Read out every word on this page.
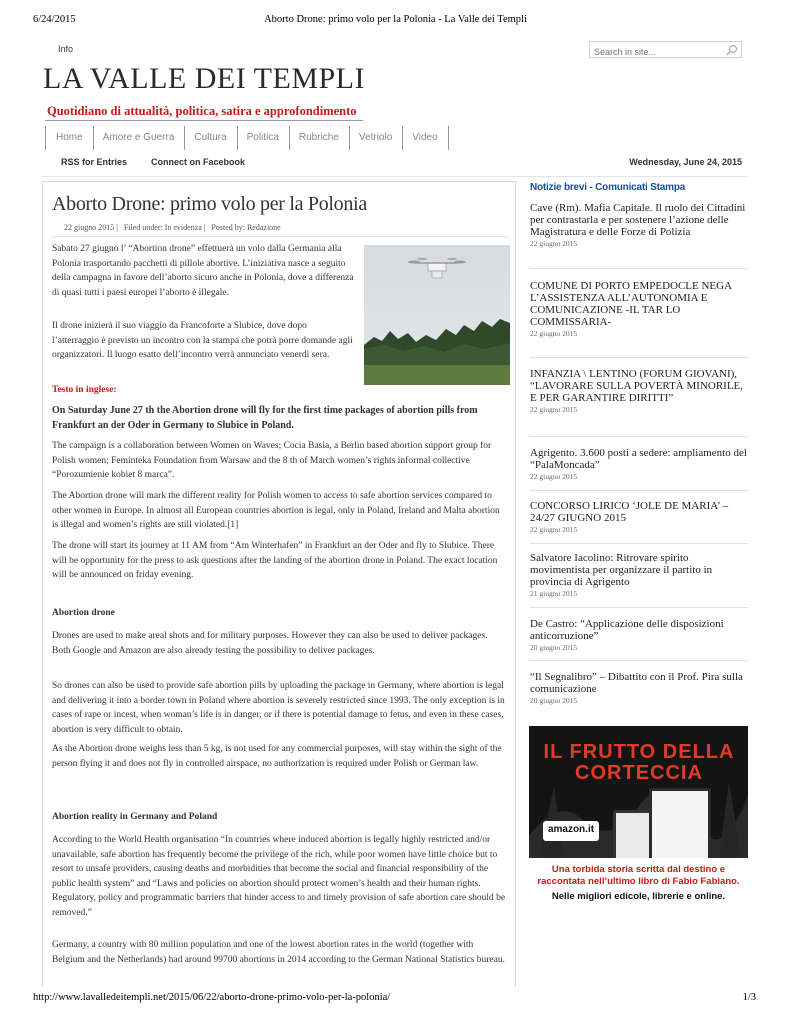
6/24/2015	Aborto Drone: primo volo per la Polonia - La Valle dei Templi
Info
Search in site...
LA VALLE DEI TEMPLI
Quotidiano di attualità, politica, satira e approfondimento
Home	Amore e Guerra	Cultura	Politica	Rubriche	Vetriolo	Video
RSS for Entries	Connect on Facebook	Wednesday, June 24, 2015
Aborto Drone: primo volo per la Polonia
22 giugno 2015 | Filed under: In evidenza | Posted by: Redazione

Sabato 27 giugno l’ “Abortion drone” effettuerà un volo dalla Germania alla Polonia trasportando pacchetti di pillole abortive. L’iniziativa nasce a seguito della campagna in favore dell’aborto sicuro anche in Polonia, dove a differenza di quasi tutti i paesi europei l’aborto è illegale.

Il drone inizierà il suo viaggio da Francoforte a Slubice, dove dopo l’atterraggio è previsto un incontro con la stampa che potrà porre domande agli organizzatori. Il luogo esatto dell’incontro verrà annunciato venerdì sera.

Testo in inglese:

On Saturday June 27 th the Abortion drone will fly for the first time packages of abortion pills from Frankfurt an der Oder in Germany to Slubice in Poland.

The campaign is a collaboration between Women on Waves; Cocia Basia, a Berlin based abortion support group for Polish women; Feminteka Foundation from Warsaw and the 8 th of March women’s rights informal collective “Porozumienie kobiet 8 marca”.

The Abortion drone will mark the different reality for Polish women to access to safe abortion services compared to other women in Europe. In almost all European countries abortion is legal, only in Poland, Ireland and Malta abortion is illegal and women’s rights are still violated.[1]

The drone will start its journey at 11 AM from “Am Winterhafen” in Frankfurt an der Oder and fly to Slubice. There will be opportunity for the press to ask questions after the landing of the abortion drone in Poland. The exact location will be announced on friday evening.

Abortion drone

Drones are used to make areal shots and for military purposes. However they can also be used to deliver packages. Both Google and Amazon are also already testing the possibility to deliver packages.

So drones can also be used to provide safe abortion pills by uploading the package in Germany, where abortion is legal and delivering it into a border town in Poland where abortion is severely restricted since 1993. The only exception is in cases of rape or incest, when woman’s life is in danger, or if there is potential damage to fetus, and even in these cases, abortion is very difficult to obtain.

As the Abortion drone weighs less than 5 kg, is not used for any commercial purposes, will stay within the sight of the person flying it and does not fly in controlled airspace, no authorization is required under Polish or German law.

Abortion reality in Germany and Poland

According to the World Health organisation “In countries where induced abortion is legally highly restricted and/or unavailable, safe abortion has frequently become the privilege of the rich, while poor women have little choice but to resort to unsafe providers, causing deaths and morbidities that become the social and financial responsibility of the public health system” and “Laws and policies on abortion should protect women’s health and their human rights. Regulatory, policy and programmatic barriers that hinder access to and timely provision of safe abortion care should be removed.”

Germany, a country with 80 million population and one of the lowest abortion rates in the world (together with Belgium and the Netherlands) had around 99700 abortions in 2014 according to the German National Statistics bureau.

Notizie brevi - Comunicati Stampa
Cave (Rm). Mafia Capitale. Il ruolo dei Cittadini per contrastarla e per sostenere l’azione delle Magistratura e delle Forze di Polizia
22 giugno 2015
COMUNE DI PORTO EMPEDOCLE NEGA L’ASSISTENZA ALL’AUTONOMIA E COMUNICAZIONE -IL TAR LO COMMISSARIA-
22 giugno 2015
INFANZIA \ LENTINO (FORUM GIOVANI), “LAVORARE SULLA POVERTÀ MINORILE, E PER GARANTIRE DIRITTI”
22 giugno 2015
Agrigento. 3.600 posti a sedere: ampliamento del “PalaMoncada”
22 giugno 2015
CONCORSO LIRICO ‘JOLE DE MARIA’ – 24/27 GIUGNO 2015
22 giugno 2015
Salvatore Iacolino: Ritrovare spirito movimentista per organizzare il partito in provincia di Agrigento
21 giugno 2015
De Castro: “Applicazione delle disposizioni anticorruzione”
20 giugno 2015
“Il Segnalibro” – Dibattito con il Prof. Pira sulla comunicazione
20 giugno 2015
IL FRUTTO DELLA CORTECCIA
amazon.it
Una torbida storia scritta dal destino e raccontata nell’ultimo libro di Fabio Fabiano.
Nelle migliori edicole, librerie e online.
http://www.lavalledeitempli.net/2015/06/22/aborto-drone-primo-volo-per-la-polonia/	1/3
